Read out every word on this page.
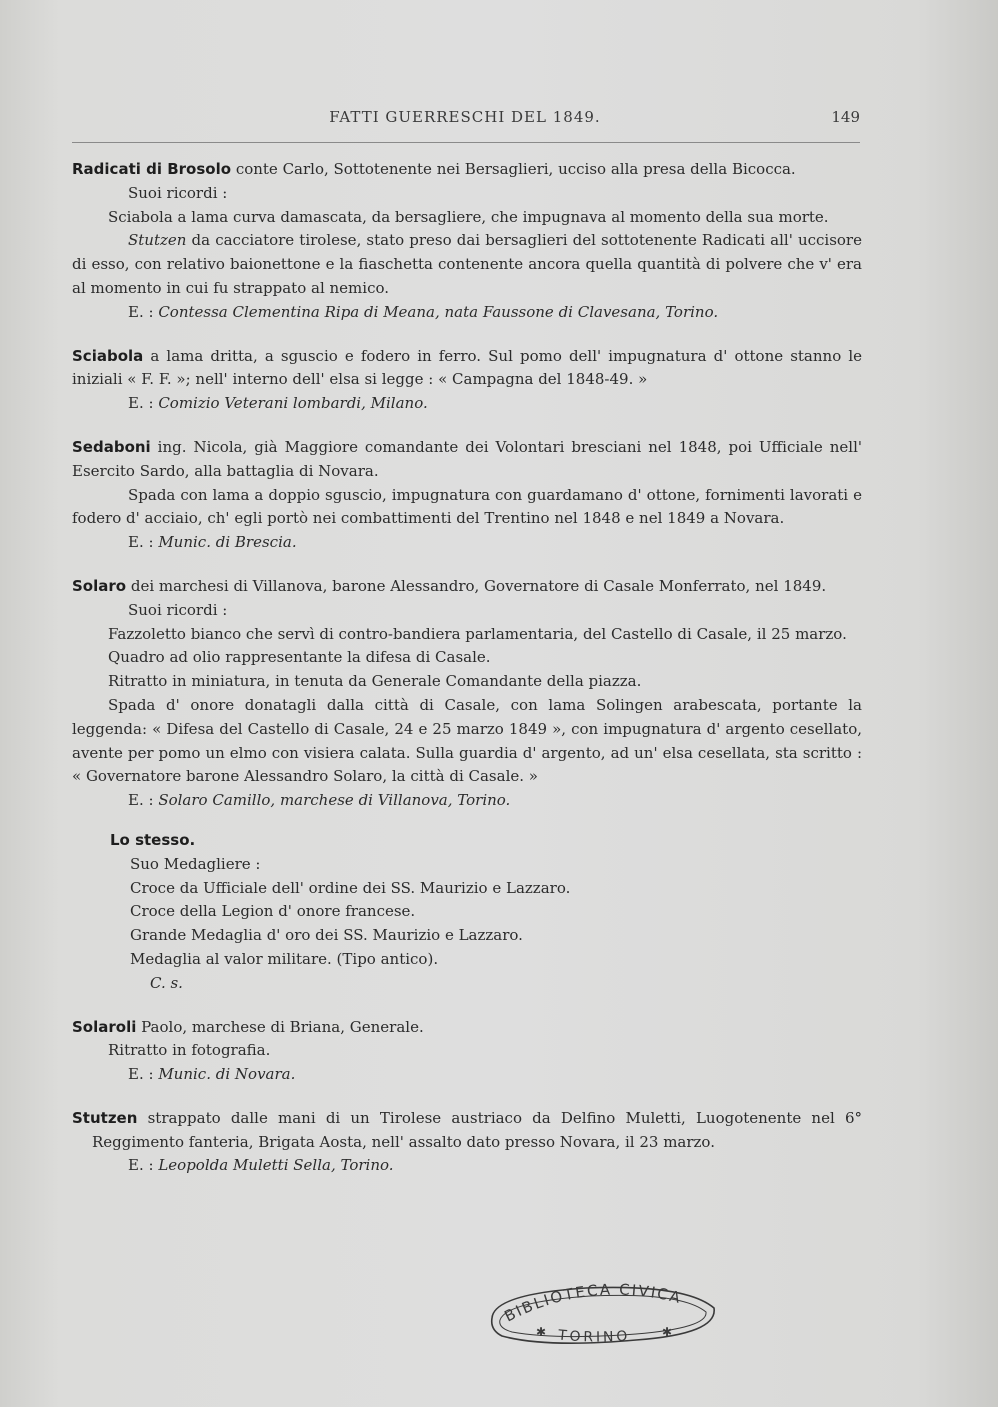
FATTI GUERRESCHI DEL 1849.	149

Radicati di Brosolo conte Carlo, Sottotenente nei Bersaglieri, ucciso alla presa della Bicocca.

Suoi ricordi :

Sciabola a lama curva damascata, da bersagliere, che impugnava al momento della sua morte.

Stutzen da cacciatore tirolese, stato preso dai bersaglieri del sottotenente Radicati all' uccisore di esso, con relativo baionettone e la fiaschetta contenente ancora quella quantità di polvere che v' era al momento in cui fu strappato al nemico.

E. : Contessa Clementina Ripa di Meana, nata Faussone di Clavesana, Torino.

Sciabola a lama dritta, a sguscio e fodero in ferro. Sul pomo dell' impugnatura d' ottone stanno le iniziali « F. F. »; nell' interno dell' elsa si legge : « Campagna del 1848-49. »

E. : Comizio Veterani lombardi, Milano.

Sedaboni ing. Nicola, già Maggiore comandante dei Volontari bresciani nel 1848, poi Ufficiale nell' Esercito Sardo, alla battaglia di Novara.

Spada con lama a doppio sguscio, impugnatura con guardamano d' ottone, fornimenti lavorati e fodero d' acciaio, ch' egli portò nei combattimenti del Trentino nel 1848 e nel 1849 a Novara.

E. : Munic. di Brescia.

Solaro dei marchesi di Villanova, barone Alessandro, Governatore di Casale Monferrato, nel 1849.

Suoi ricordi :

Fazzoletto bianco che servì di contro-bandiera parlamentaria, del Castello di Casale, il 25 marzo.

Quadro ad olio rappresentante la difesa di Casale.

Ritratto in miniatura, in tenuta da Generale Comandante della piazza.

Spada d' onore donatagli dalla città di Casale, con lama Solingen arabescata, portante la leggenda: « Difesa del Castello di Casale, 24 e 25 marzo 1849 », con impugnatura d' argento cesellato, avente per pomo un elmo con visiera calata. Sulla guardia d' argento, ad un' elsa cesellata, sta scritto : « Governatore barone Alessandro Solaro, la città di Casale. »

E. : Solaro Camillo, marchese di Villanova, Torino.

Lo stesso.

Suo Medagliere :

Croce da Ufficiale dell' ordine dei SS. Maurizio e Lazzaro.

Croce della Legion d' onore francese.

Grande Medaglia d' oro dei SS. Maurizio e Lazzaro.

Medaglia al valor militare. (Tipo antico).

C. s.

Solaroli Paolo, marchese di Briana, Generale.

Ritratto in fotografia.

E. : Munic. di Novara.

Stutzen strappato dalle mani di un Tirolese austriaco da Delfino Muletti, Luogotenente nel 6° Reggimento fanteria, Brigata Aosta, nell' assalto dato presso Novara, il 23 marzo.

E. : Leopolda Muletti Sella, Torino.

BIBLIOTECA CIVICA
TORINO
✱	✱
